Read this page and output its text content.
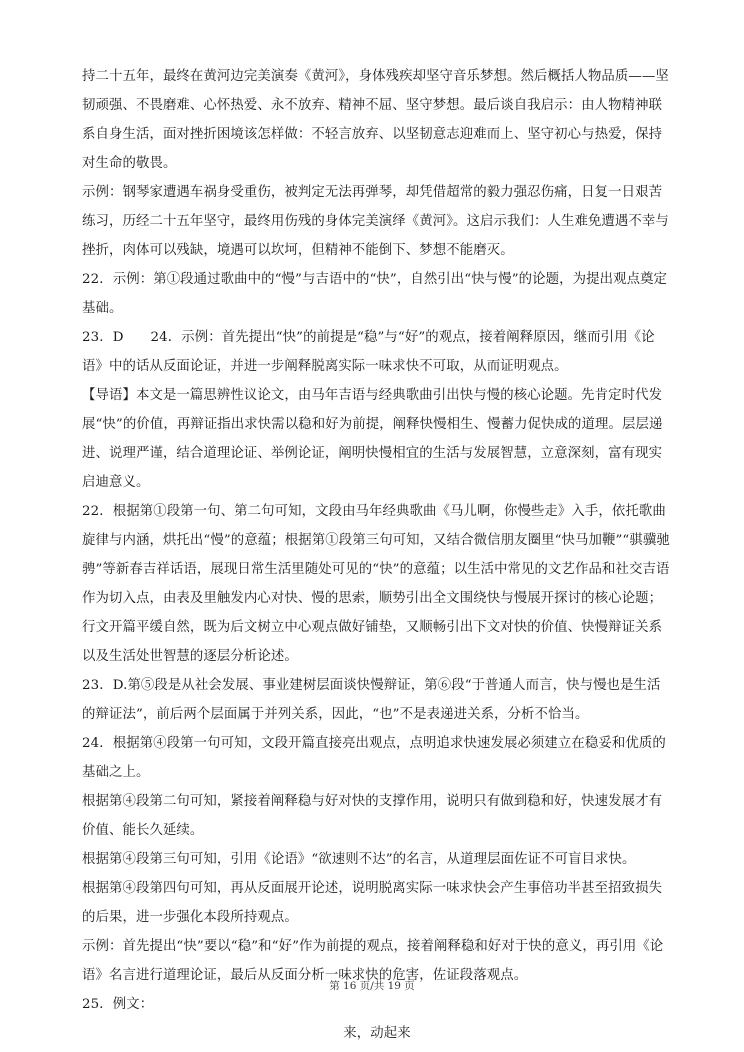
持二十五年，最终在黄河边完美演奏《黄河》，身体残疾却坚守音乐梦想。然后概括人物品质——坚韧顽强、不畏磨难、心怀热爱、永不放弃、精神不屈、坚守梦想。最后谈自我启示：由人物精神联系自身生活，面对挫折困境该怎样做：不轻言放弃、以坚韧意志迎难而上、坚守初心与热爱，保持对生命的敬畏。

示例：钢琴家遭遇车祸身受重伤，被判定无法再弹琴，却凭借超常的毅力强忍伤痛，日复一日艰苦练习，历经二十五年坚守，最终用伤残的身体完美演绎《黄河》。这启示我们：人生难免遭遇不幸与挫折，肉体可以残缺，境遇可以坎坷，但精神不能倒下、梦想不能磨灭。

22．示例：第①段通过歌曲中的“慢”与吉语中的“快”，自然引出“快与慢”的论题，为提出观点奠定基础。

23．D　　24．示例：首先提出“快”的前提是“稳”与“好”的观点，接着阐释原因，继而引用《论语》中的话从反面论证，并进一步阐释脱离实际一味求快不可取，从而证明观点。

【导语】本文是一篇思辨性议论文，由马年吉语与经典歌曲引出快与慢的核心论题。先肯定时代发展“快”的价值，再辩证指出求快需以稳和好为前提，阐释快慢相生、慢蓄力促快成的道理。层层递进、说理严谨，结合道理论证、举例论证，阐明快慢相宜的生活与发展智慧，立意深刻，富有现实启迪意义。

22．根据第①段第一句、第二句可知，文段由马年经典歌曲《马儿啊，你慢些走》入手，依托歌曲旋律与内涵，烘托出“慢”的意蕴；根据第①段第三句可知，又结合微信朋友圈里“快马加鞭”“骐骥驰骋”等新春吉祥话语，展现日常生活里随处可见的“快”的意蕴；以生活中常见的文艺作品和社交吉语作为切入点，由表及里触发内心对快、慢的思索，顺势引出全文围绕快与慢展开探讨的核心论题；行文开篇平缓自然，既为后文树立中心观点做好铺垫，又顺畅引出下文对快的价值、快慢辩证关系以及生活处世智慧的逐层分析论述。

23．D.第⑤段是从社会发展、事业建树层面谈快慢辩证，第⑥段“于普通人而言，快与慢也是生活的辩证法”，前后两个层面属于并列关系，因此，“也”不是表递进关系，分析不恰当。

24．根据第④段第一句可知，文段开篇直接亮出观点，点明追求快速发展必须建立在稳妥和优质的基础之上。

根据第④段第二句可知，紧接着阐释稳与好对快的支撑作用，说明只有做到稳和好，快速发展才有价值、能长久延续。

根据第④段第三句可知，引用《论语》“欲速则不达”的名言，从道理层面佐证不可盲目求快。

根据第④段第四句可知，再从反面展开论述，说明脱离实际一味求快会产生事倍功半甚至招致损失的后果，进一步强化本段所持观点。

示例：首先提出“快”要以“稳”和“好”作为前提的观点，接着阐释稳和好对于快的意义，再引用《论语》名言进行道理论证，最后从反面分析一味求快的危害，佐证段落观点。

25．例文：

来，动起来

第 16 页/共 19 页
